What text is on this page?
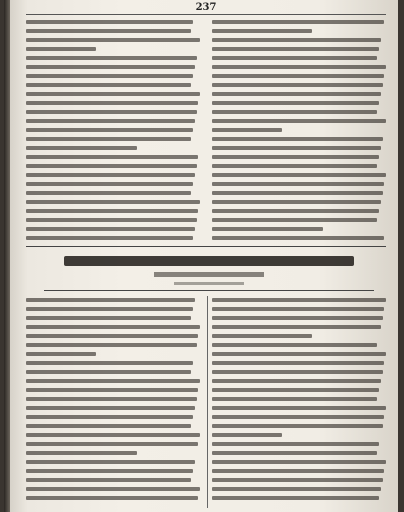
237
